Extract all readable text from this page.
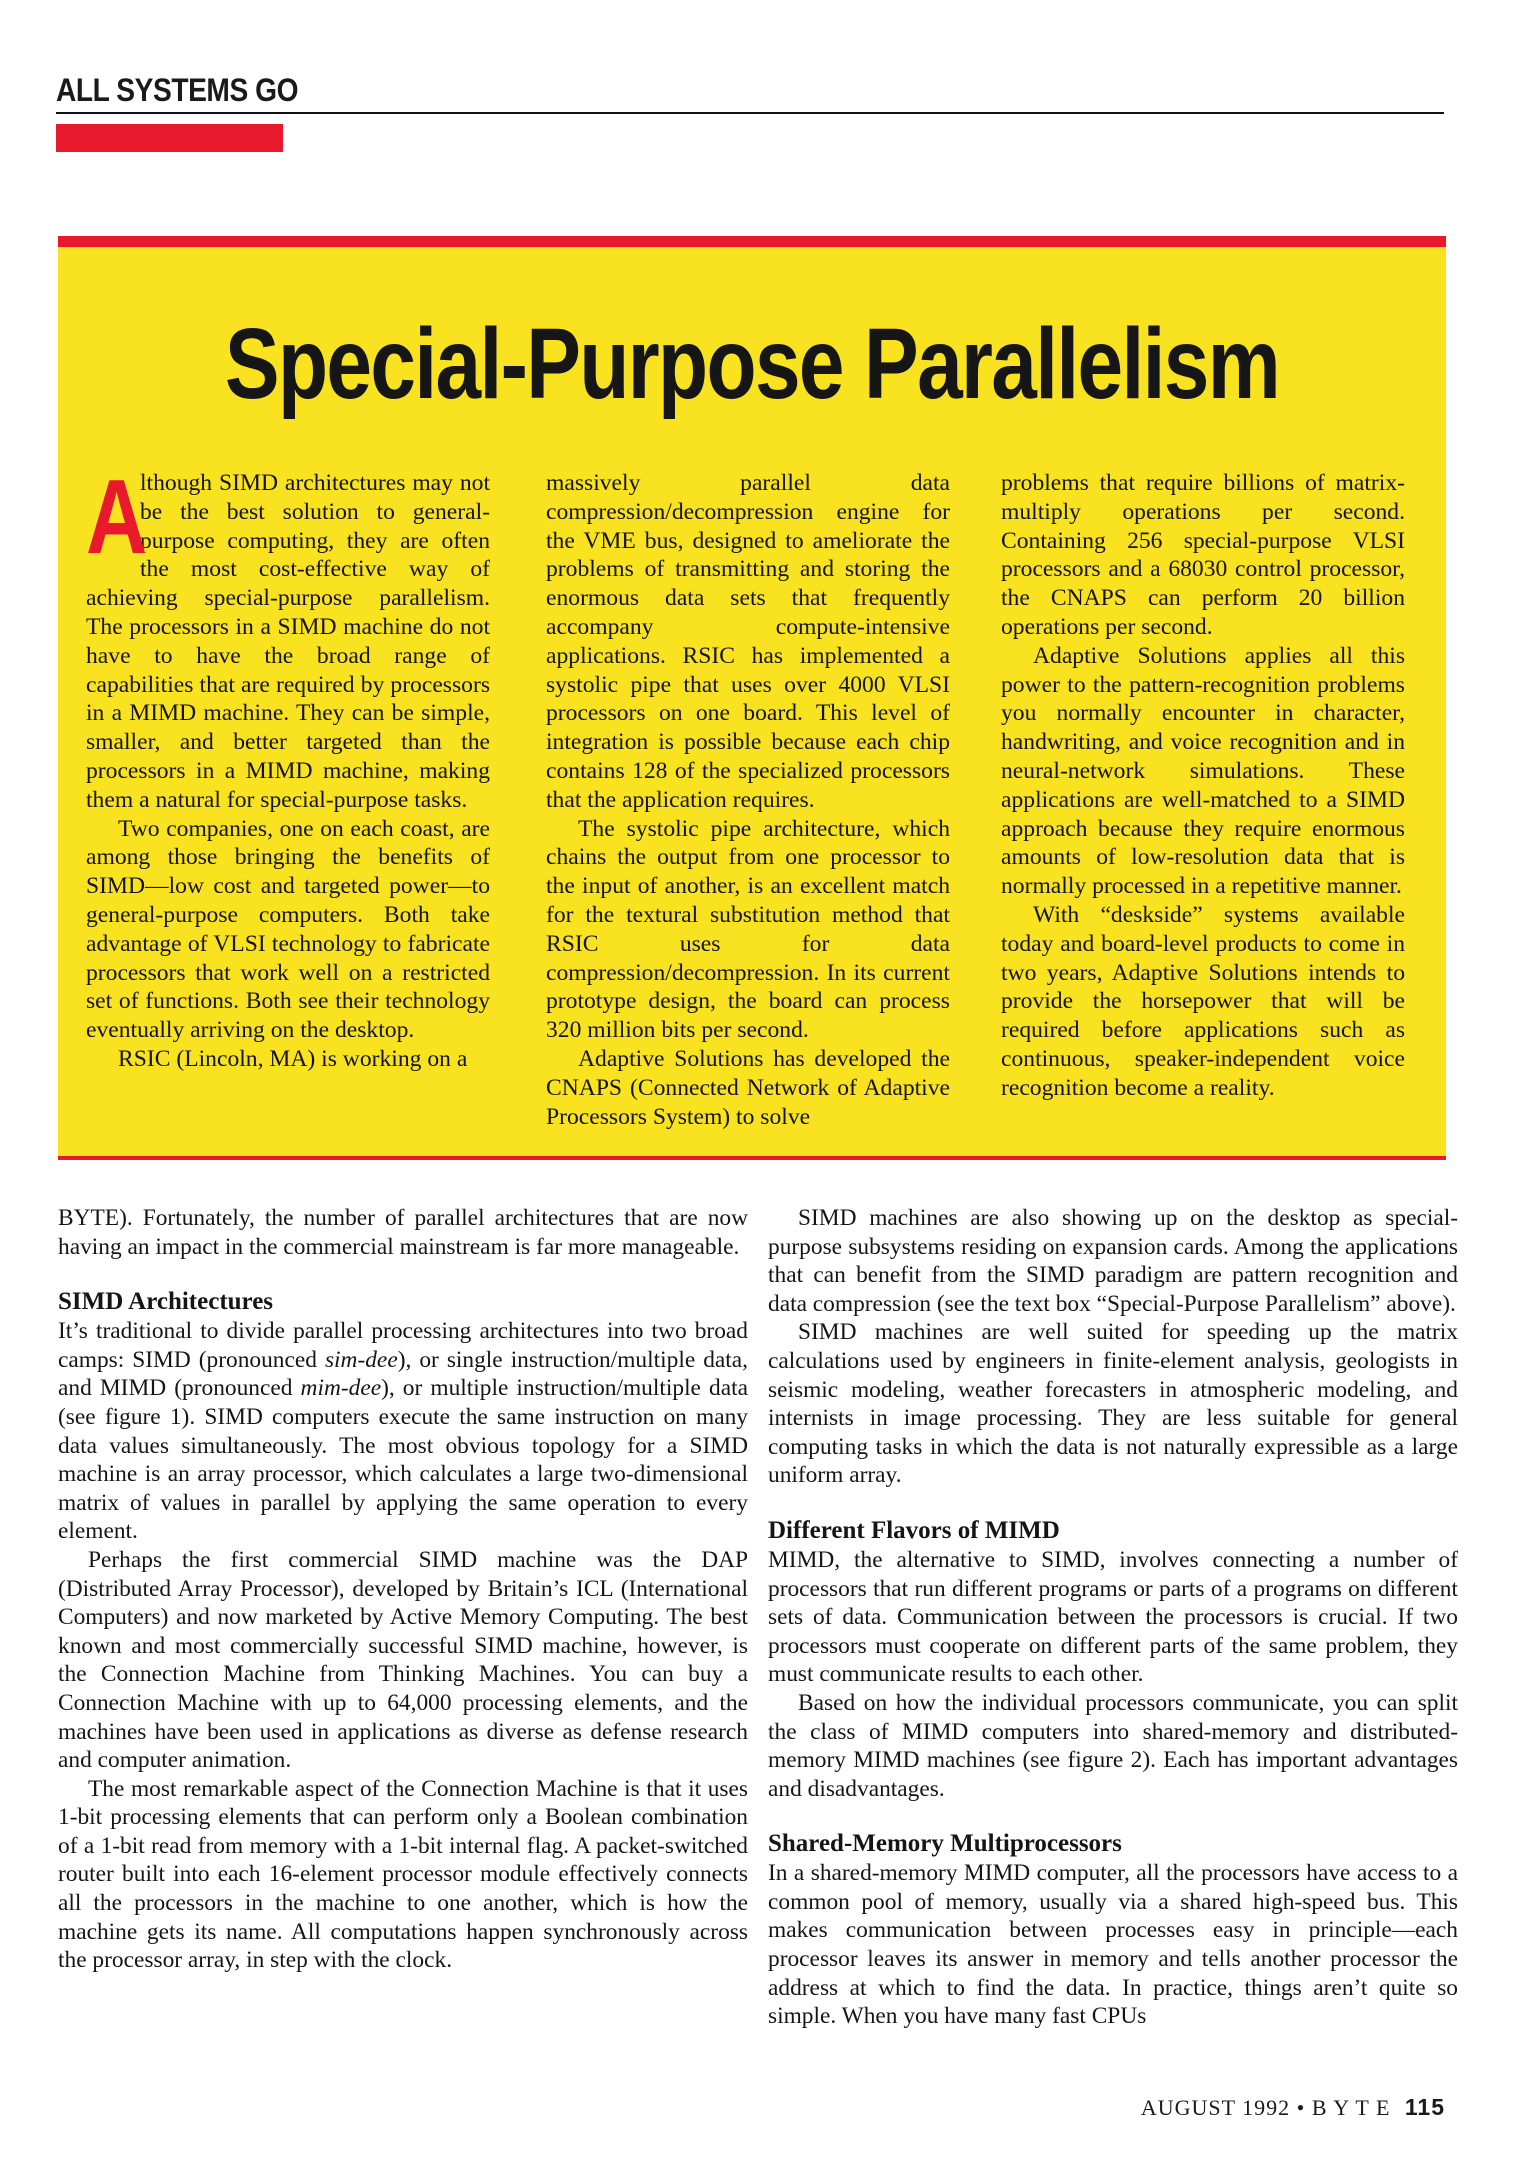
ALL SYSTEMS GO
Special-Purpose Parallelism

A
lthough SIMD architectures may not be the best solution to general-purpose computing, they are often the most cost-effective way of achieving special-purpose parallelism. The processors in a SIMD machine do not have to have the broad range of capabilities that are required by processors in a MIMD machine. They can be simple, smaller, and better targeted than the processors in a MIMD machine, making them a natural for special-purpose tasks.

Two companies, one on each coast, are among those bringing the benefits of SIMD—low cost and targeted power—to general-purpose computers. Both take advantage of VLSI technology to fabricate processors that work well on a restricted set of functions. Both see their technology eventually arriving on the desktop.

RSIC (Lincoln, MA) is working on a

massively parallel data compression/decompression engine for the VME bus, designed to ameliorate the problems of transmitting and storing the enormous data sets that frequently accompany compute-intensive applications. RSIC has implemented a systolic pipe that uses over 4000 VLSI processors on one board. This level of integration is possible because each chip contains 128 of the specialized processors that the application requires.

The systolic pipe architecture, which chains the output from one processor to the input of another, is an excellent match for the textural substitution method that RSIC uses for data compression/decompression. In its current prototype design, the board can process 320 million bits per second.

Adaptive Solutions has developed the CNAPS (Connected Network of Adaptive Processors System) to solve

problems that require billions of matrix-multiply operations per second. Containing 256 special-purpose VLSI processors and a 68030 control processor, the CNAPS can perform 20 billion operations per second.

Adaptive Solutions applies all this power to the pattern-recognition problems you normally encounter in character, handwriting, and voice recognition and in neural-network simulations. These applications are well-matched to a SIMD approach because they require enormous amounts of low-resolution data that is normally processed in a repetitive manner.

With “deskside” systems available today and board-level products to come in two years, Adaptive Solutions intends to provide the horsepower that will be required before applications such as continuous, speaker-independent voice recognition become a reality.

BYTE). Fortunately, the number of parallel architectures that are now having an impact in the commercial mainstream is far more manageable.

SIMD Architectures

It’s traditional to divide parallel processing architectures into two broad camps: SIMD (pronounced sim-dee), or single instruction/multiple data, and MIMD (pronounced mim-dee), or multiple instruction/multiple data (see figure 1). SIMD computers execute the same instruction on many data values simultaneously. The most obvious topology for a SIMD machine is an array processor, which calculates a large two-dimensional matrix of values in parallel by applying the same operation to every element.

Perhaps the first commercial SIMD machine was the DAP (Distributed Array Processor), developed by Britain’s ICL (International Computers) and now marketed by Active Memory Computing. The best known and most commercially successful SIMD machine, however, is the Connection Machine from Thinking Machines. You can buy a Connection Machine with up to 64,000 processing elements, and the machines have been used in applications as diverse as defense research and computer animation.

The most remarkable aspect of the Connection Machine is that it uses 1-bit processing elements that can perform only a Boolean combination of a 1-bit read from memory with a 1-bit internal flag. A packet-switched router built into each 16-element processor module effectively connects all the processors in the machine to one another, which is how the machine gets its name. All computations happen synchronously across the processor array, in step with the clock.

SIMD machines are also showing up on the desktop as special-purpose subsystems residing on expansion cards. Among the applications that can benefit from the SIMD paradigm are pattern recognition and data compression (see the text box “Special-Purpose Parallelism” above).

SIMD machines are well suited for speeding up the matrix calculations used by engineers in finite-element analysis, geologists in seismic modeling, weather forecasters in atmospheric modeling, and internists in image processing. They are less suitable for general computing tasks in which the data is not naturally expressible as a large uniform array.

Different Flavors of MIMD

MIMD, the alternative to SIMD, involves connecting a number of processors that run different programs or parts of a programs on different sets of data. Communication between the processors is crucial. If two processors must cooperate on different parts of the same problem, they must communicate results to each other.

Based on how the individual processors communicate, you can split the class of MIMD computers into shared-memory and distributed-memory MIMD machines (see figure 2). Each has important advantages and disadvantages.

Shared-Memory Multiprocessors

In a shared-memory MIMD computer, all the processors have access to a common pool of memory, usually via a shared high-speed bus. This makes communication between processes easy in principle—each processor leaves its answer in memory and tells another processor the address at which to find the data. In practice, things aren’t quite so simple. When you have many fast CPUs

AUGUST 1992 • B Y T E 115
